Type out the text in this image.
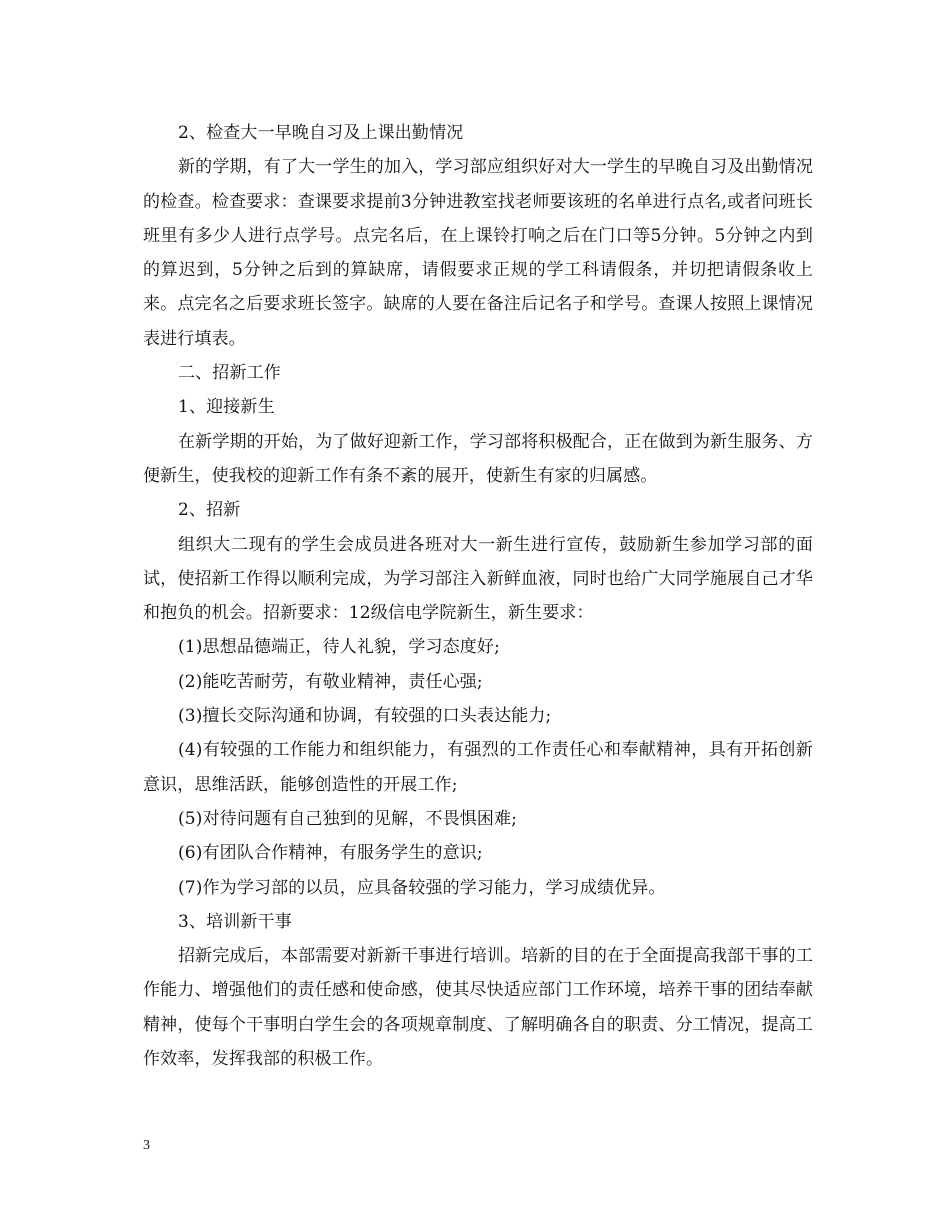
2、检查大一早晚自习及上课出勤情况

新的学期，有了大一学生的加入，学习部应组织好对大一学生的早晚自习及出勤情况的检查。检查要求：查课要求提前3分钟进教室找老师要该班的名单进行点名,或者问班长班里有多少人进行点学号。点完名后，在上课铃打响之后在门口等5分钟。5分钟之内到的算迟到，5分钟之后到的算缺席，请假要求正规的学工科请假条，并切把请假条收上来。点完名之后要求班长签字。缺席的人要在备注后记名子和学号。查课人按照上课情况表进行填表。

二、招新工作

1、迎接新生

在新学期的开始，为了做好迎新工作，学习部将积极配合，正在做到为新生服务、方便新生，使我校的迎新工作有条不紊的展开，使新生有家的归属感。

2、招新

组织大二现有的学生会成员进各班对大一新生进行宣传，鼓励新生参加学习部的面试，使招新工作得以顺利完成，为学习部注入新鲜血液，同时也给广大同学施展自己才华和抱负的机会。招新要求：12级信电学院新生，新生要求：

(1)思想品德端正，待人礼貌，学习态度好;

(2)能吃苦耐劳，有敬业精神，责任心强;

(3)擅长交际沟通和协调，有较强的口头表达能力;

(4)有较强的工作能力和组织能力，有强烈的工作责任心和奉献精神，具有开拓创新意识，思维活跃，能够创造性的开展工作;

(5)对待问题有自己独到的见解，不畏惧困难;

(6)有团队合作精神，有服务学生的意识;

(7)作为学习部的以员，应具备较强的学习能力，学习成绩优异。

3、培训新干事

招新完成后，本部需要对新新干事进行培训。培新的目的在于全面提高我部干事的工作能力、增强他们的责任感和使命感，使其尽快适应部门工作环境，培养干事的团结奉献精神，使每个干事明白学生会的各项规章制度、了解明确各自的职责、分工情况，提高工作效率，发挥我部的积极工作。

3
